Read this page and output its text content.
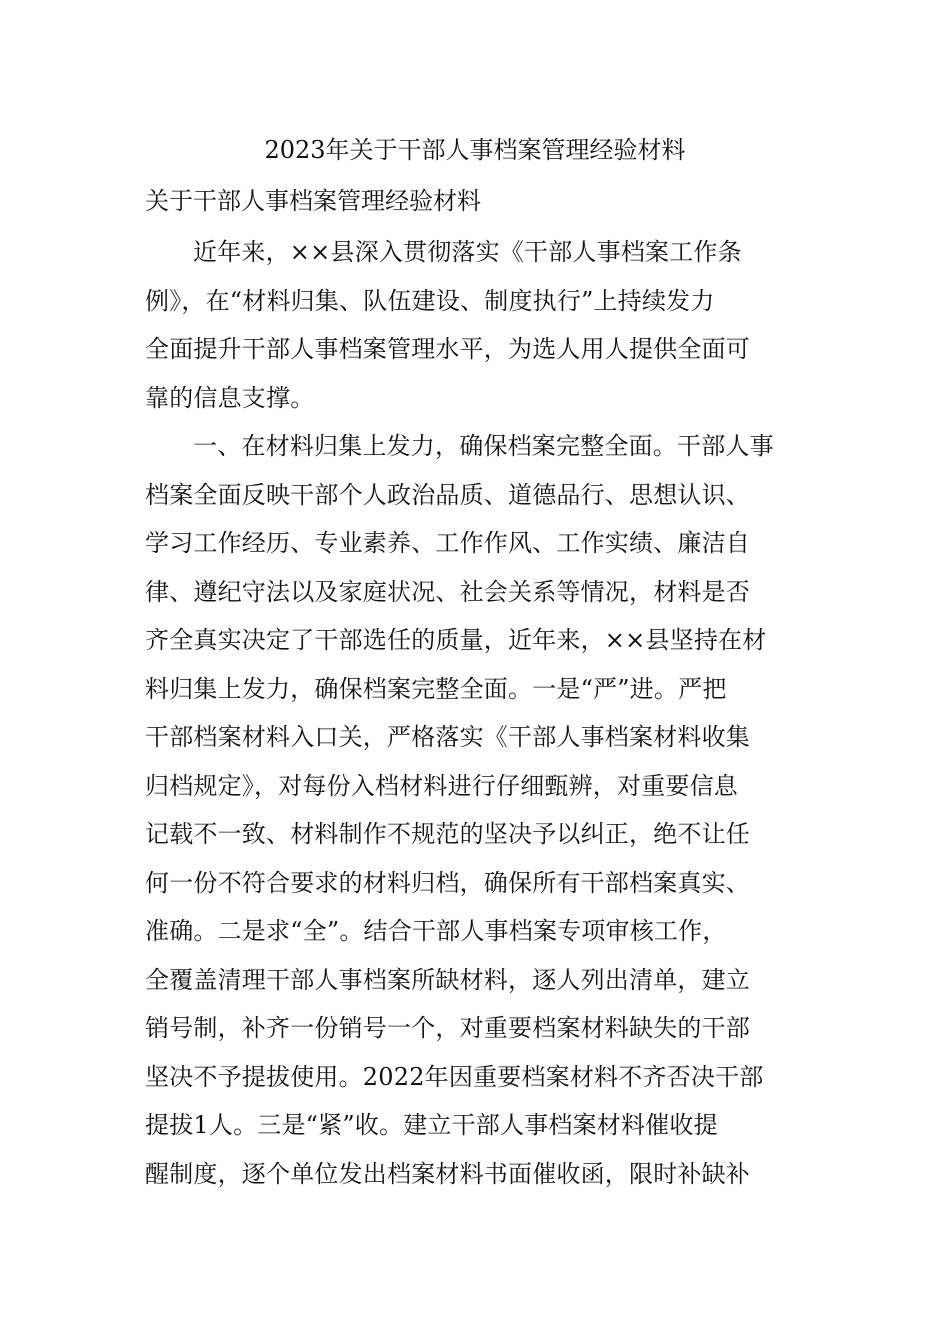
2023年关于干部人事档案管理经验材料
关于干部人事档案管理经验材料
近年来，××县深入贯彻落实《干部人事档案工作条
例》，在“材料归集、队伍建设、制度执行”上持续发力
全面提升干部人事档案管理水平，为选人用人提供全面可
靠的信息支撑。
一、在材料归集上发力，确保档案完整全面。干部人事
档案全面反映干部个人政治品质、道德品行、思想认识、
学习工作经历、专业素养、工作作风、工作实绩、廉洁自
律、遵纪守法以及家庭状况、社会关系等情况，材料是否
齐全真实决定了干部选任的质量，近年来，××县坚持在材
料归集上发力，确保档案完整全面。一是“严”进。严把
干部档案材料入口关，严格落实《干部人事档案材料收集
归档规定》，对每份入档材料进行仔细甄辨，对重要信息
记载不一致、材料制作不规范的坚决予以纠正，绝不让任
何一份不符合要求的材料归档，确保所有干部档案真实、
准确。二是求“全”。结合干部人事档案专项审核工作，
全覆盖清理干部人事档案所缺材料，逐人列出清单，建立
销号制，补齐一份销号一个，对重要档案材料缺失的干部
坚决不予提拔使用。2022年因重要档案材料不齐否决干部
提拔1人。三是“紧”收。建立干部人事档案材料催收提
醒制度，逐个单位发出档案材料书面催收函，限时补缺补
